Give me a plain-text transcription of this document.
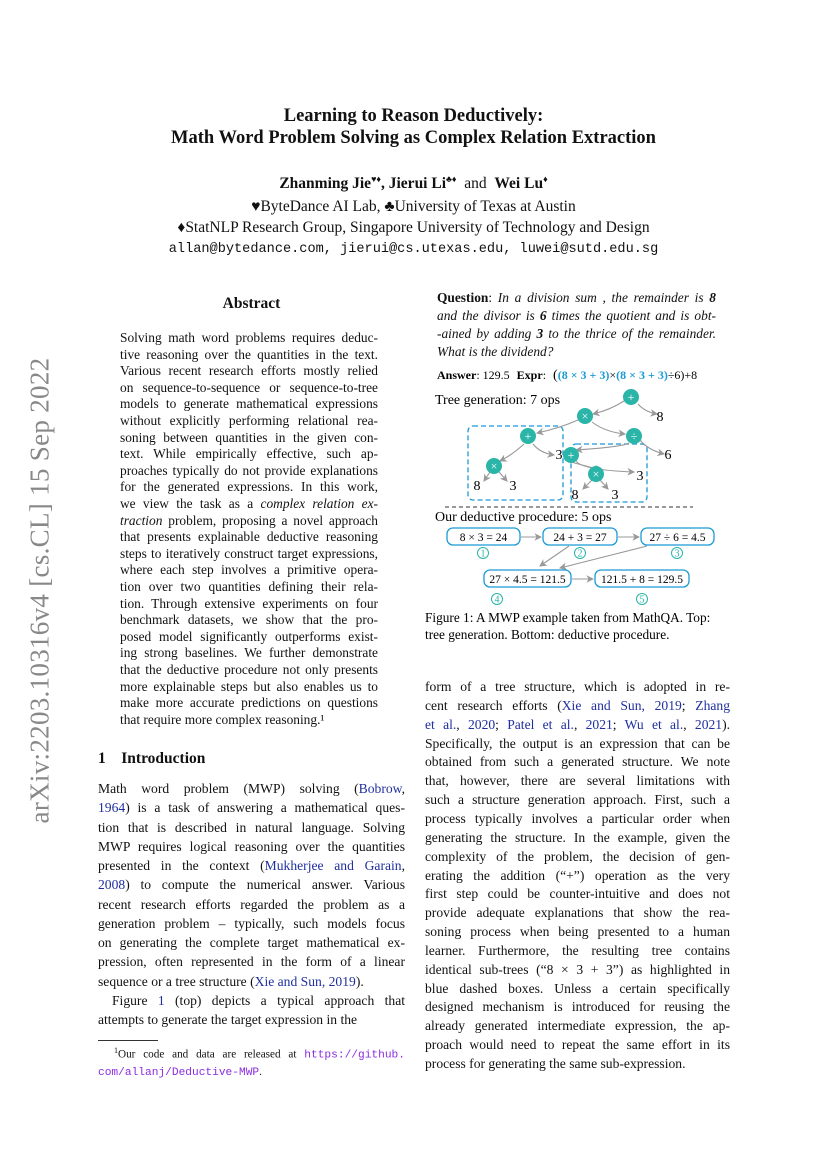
arXiv:2203.10316v4 [cs.CL] 15 Sep 2022
Learning to Reason Deductively:
Math Word Problem Solving as Complex Relation Extraction
Zhanming Jie♥♦, Jierui Li♣♦ and Wei Lu♦
♥ByteDance AI Lab, ♣University of Texas at Austin
♦StatNLP Research Group, Singapore University of Technology and Design
allan@bytedance.com, jierui@cs.utexas.edu, luwei@sutd.edu.sg
Abstract
Solving math word problems requires deduc-
tive reasoning over the quantities in the text.
Various recent research efforts mostly relied
on sequence-to-sequence or sequence-to-tree
models to generate mathematical expressions
without explicitly performing relational rea-
soning between quantities in the given con-
text. While empirically effective, such ap-
proaches typically do not provide explanations
for the generated expressions. In this work,
we view the task as a complex relation ex-
traction problem, proposing a novel approach
that presents explainable deductive reasoning
steps to iteratively construct target expressions,
where each step involves a primitive opera-
tion over two quantities defining their rela-
tion. Through extensive experiments on four
benchmark datasets, we show that the pro-
posed model significantly outperforms exist-
ing strong baselines. We further demonstrate
that the deductive procedure not only presents
more explainable steps but also enables us to
make more accurate predictions on questions
that require more complex reasoning.¹
1 Introduction
Math word problem (MWP) solving (Bobrow,
1964) is a task of answering a mathematical ques-
tion that is described in natural language. Solving
MWP requires logical reasoning over the quantities
presented in the context (Mukherjee and Garain,
2008) to compute the numerical answer. Various
recent research efforts regarded the problem as a
generation problem – typically, such models focus
on generating the complete target mathematical ex-
pression, often represented in the form of a linear
sequence or a tree structure (Xie and Sun, 2019).
Figure 1 (top) depicts a typical approach that
attempts to generate the target expression in the
$^1$Our code and data are released at https://github.
com/allanj/Deductive-MWP.
form of a tree structure, which is adopted in re-
cent research efforts (Xie and Sun, 2019; Zhang
et al., 2020; Patel et al., 2021; Wu et al., 2021).
Specifically, the output is an expression that can be
obtained from such a generated structure. We note
that, however, there are several limitations with
such a structure generation approach. First, such a
process typically involves a particular order when
generating the structure. In the example, given the
complexity of the problem, the decision of gen-
erating the addition (“+”) operation as the very
first step could be counter-intuitive and does not
provide adequate explanations that show the rea-
soning process when being presented to a human
learner. Furthermore, the resulting tree contains
identical sub-trees (“8 × 3 + 3”) as highlighted in
blue dashed boxes. Unless a certain specifically
designed mechanism is introduced for reusing the
already generated intermediate expression, the ap-
proach would need to repeat the same effort in its
process for generating the same sub-expression.
Question: In a division sum , the remainder is 8
and the divisor is 6 times the quotient and is obt-
-ained by adding 3 to the thrice of the remainder.
What is the dividend?
Answer: 129.5 Expr: ((8 × 3 + 3)×(8 × 3 + 3)÷6)+8
Tree generation: 7 ops	+
×
+	÷
+
×
×
8
3	6
8 3
3
8 3
Our deductive procedure: 5 ops
8 × 3 = 24
1
24 + 3 = 27
2
27 ÷ 6 = 4.5
3
27 × 4.5 = 121.5
4
121.5 + 8 = 129.5
5
Figure 1: A MWP example taken from MathQA. Top:
tree generation. Bottom: deductive procedure.
